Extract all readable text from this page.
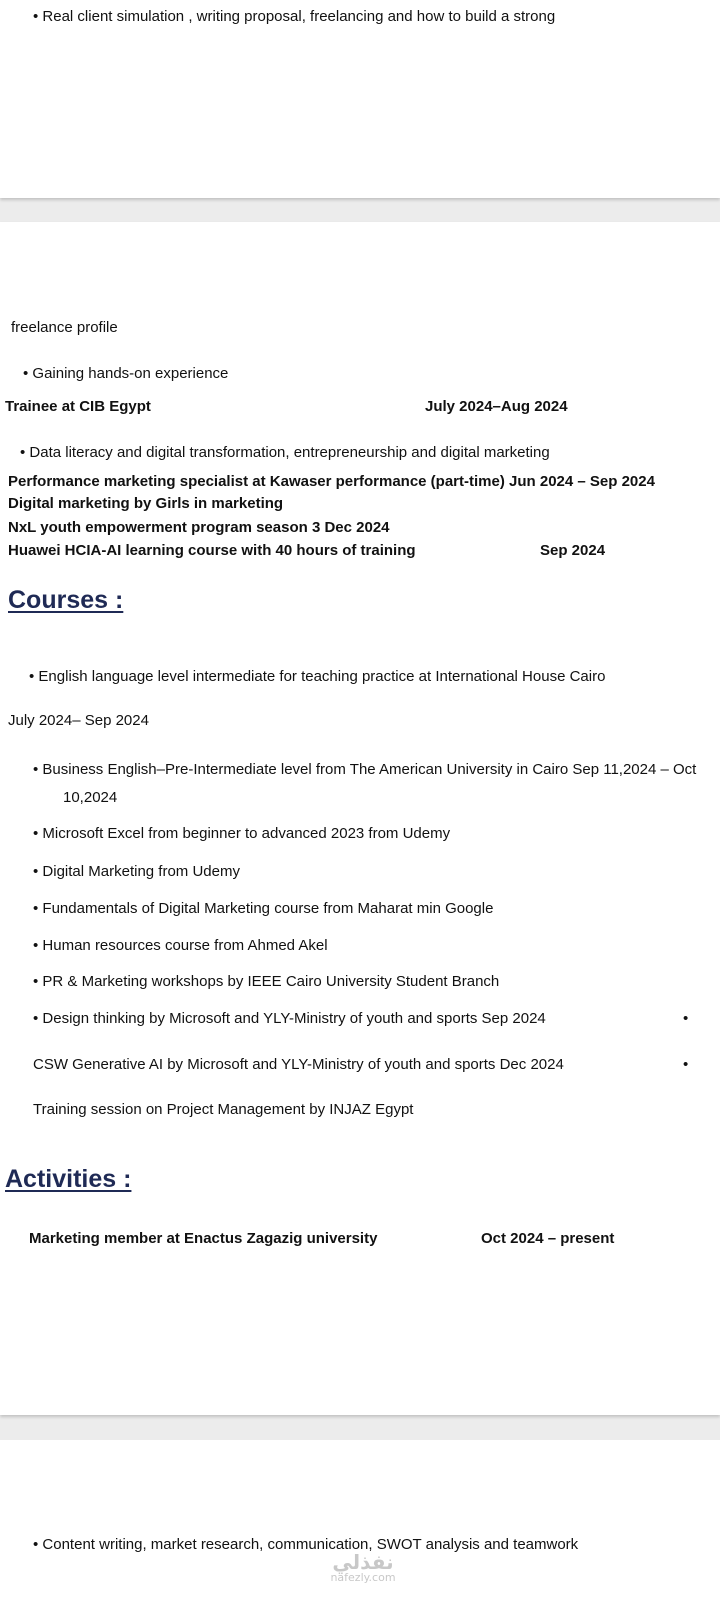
• Real client simulation , writing proposal, freelancing and how to build a strong
freelance profile
• Gaining hands-on experience
Trainee at CIB Egypt	July 2024–Aug 2024
• Data literacy and digital transformation, entrepreneurship and digital marketing
Performance marketing specialist at Kawaser performance (part-time) Jun 2024 – Sep 2024
Digital marketing by Girls in marketing
NxL youth empowerment program season 3 Dec 2024
Huawei HCIA-AI learning course with 40 hours of training	Sep 2024
Courses :
• English language level intermediate for teaching practice at International House Cairo
July 2024– Sep 2024
• Business English–Pre-Intermediate level from The American University in Cairo Sep 11,2024 – Oct
10,2024
• Microsoft Excel from beginner to advanced 2023 from Udemy
• Digital Marketing from Udemy
• Fundamentals of Digital Marketing course from Maharat min Google
• Human resources course from Ahmed Akel
• PR & Marketing workshops by IEEE Cairo University Student Branch
• Design thinking by Microsoft and YLY-Ministry of youth and sports Sep 2024	•
CSW Generative AI by Microsoft and YLY-Ministry of youth and sports Dec 2024	•
Training session on Project Management by INJAZ Egypt
Activities :
Marketing member at Enactus Zagazig university	Oct 2024 – present
• Content writing, market research, communication, SWOT analysis and teamwork
نفذلي
nafezly.com
